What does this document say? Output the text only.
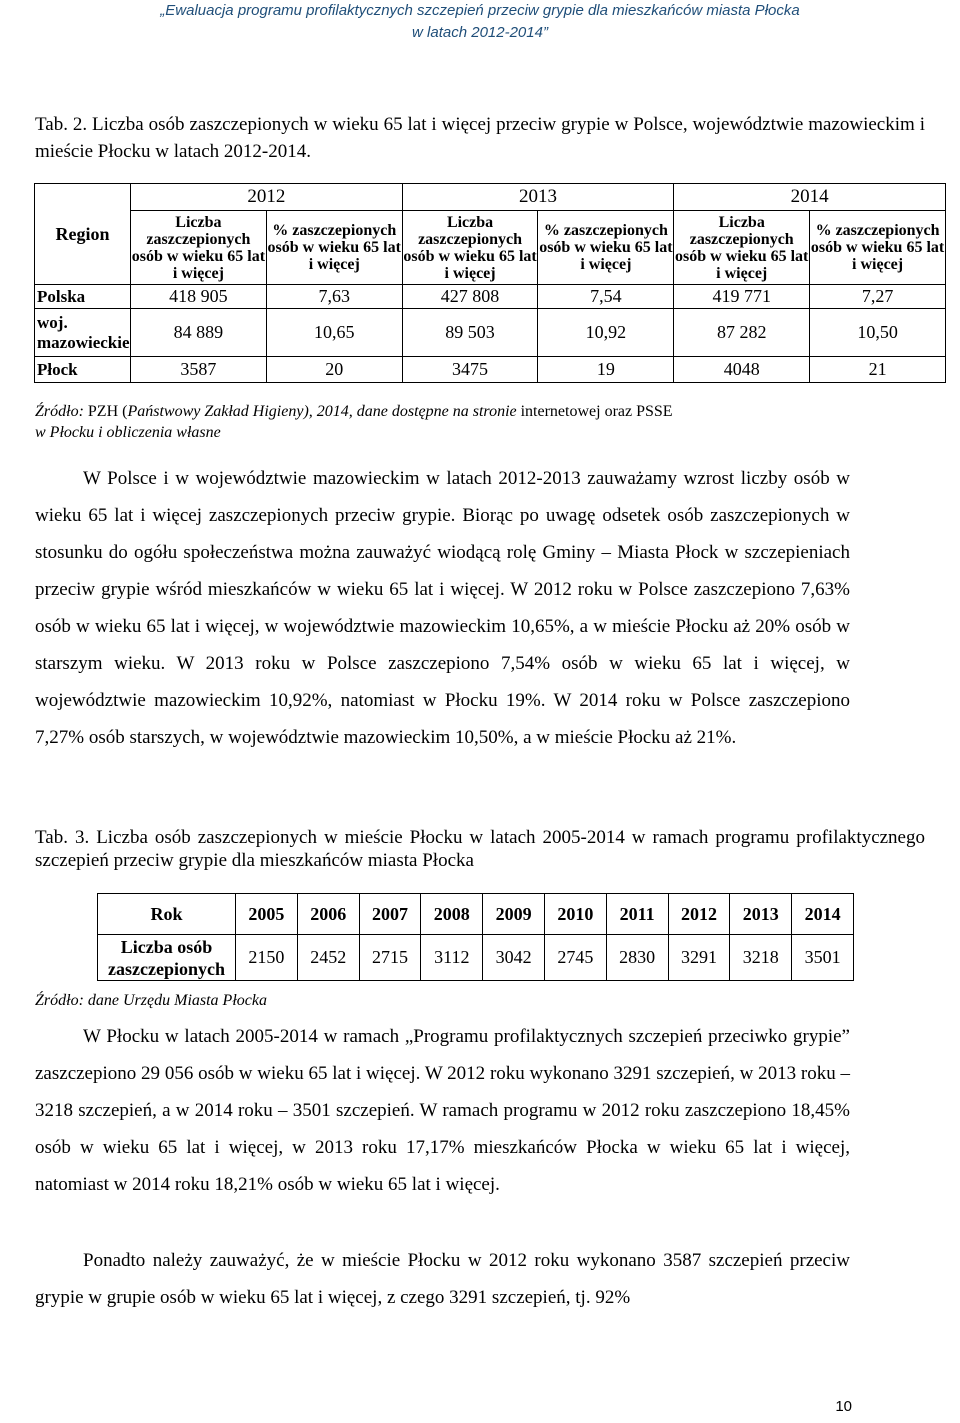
„Ewaluacja programu profilaktycznych szczepień przeciw grypie dla mieszkańców miasta Płocka
w latach 2012-2014”
Tab. 2. Liczba osób zaszczepionych w wieku 65 lat i więcej przeciw grypie w Polsce, województwie mazowieckim i mieście Płocku w latach 2012-2014.
Region	2012		2013		2014	
	Liczba zaszczepionych osób w wieku 65 lat i więcej	% zaszczepionych osób w wieku 65 lat i więcej	Liczba zaszczepionych osób w wieku 65 lat i więcej	% zaszczepionych osób w wieku 65 lat i więcej	Liczba zaszczepionych osób w wieku 65 lat i więcej	% zaszczepionych osób w wieku 65 lat i więcej
Polska	418 905	7,63	427 808	7,54	419 771	7,27
woj. mazowieckie	84 889	10,65	89 503	10,92	87 282	10,50
Płock	3587	20	3475	19	4048	21
Źródło: PZH (Państwowy Zakład Higieny), 2014, dane dostępne na stronie internetowej oraz PSSE
w Płocku i obliczenia własne
W Polsce i w województwie mazowieckim w latach 2012-2013 zauważamy wzrost liczby osób w wieku 65 lat i więcej zaszczepionych przeciw grypie. Biorąc po uwagę odsetek osób zaszczepionych w stosunku do ogółu społeczeństwa można zauważyć wiodącą rolę Gminy – Miasta Płock w szczepieniach przeciw grypie wśród mieszkańców w wieku 65 lat i więcej. W 2012 roku w Polsce zaszczepiono 7,63% osób w wieku 65 lat i więcej, w województwie mazowieckim 10,65%, a w mieście Płocku aż 20% osób w starszym wieku. W 2013 roku w Polsce zaszczepiono 7,54% osób w wieku 65 lat i więcej, w województwie mazowieckim 10,92%, natomiast w Płocku 19%. W 2014 roku w Polsce zaszczepiono 7,27% osób starszych, w województwie mazowieckim 10,50%, a w mieście Płocku aż 21%.
Tab. 3. Liczba osób zaszczepionych w mieście Płocku w latach 2005-2014 w ramach programu profilaktycznego szczepień przeciw grypie dla mieszkańców miasta Płocka
Rok	2005	2006	2007	2008	2009	2010	2011	2012	2013	2014
Liczba osób zaszczepionych	2150	2452	2715	3112	3042	2745	2830	3291	3218	3501
Źródło: dane Urzędu Miasta Płocka
W Płocku w latach 2005-2014 w ramach „Programu profilaktycznych szczepień przeciwko grypie” zaszczepiono 29 056 osób w wieku 65 lat i więcej. W 2012 roku wykonano 3291 szczepień, w 2013 roku – 3218 szczepień, a w 2014 roku – 3501 szczepień. W ramach programu w 2012 roku zaszczepiono 18,45% osób w wieku 65 lat i więcej, w 2013 roku 17,17% mieszkańców Płocka w wieku 65 lat i więcej, natomiast w 2014 roku 18,21% osób w wieku 65 lat i więcej.
Ponadto należy zauważyć, że w mieście Płocku w 2012 roku wykonano 3587 szczepień przeciw grypie w grupie osób w wieku 65 lat i więcej, z czego 3291 szczepień, tj. 92%
10
